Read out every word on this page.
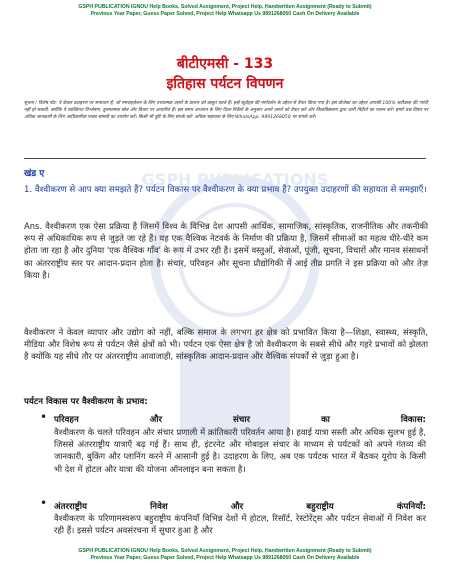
GSPH PUBLICATIONS
GSPH PUBLICATION IGNOU Help Books, Solved Assignment, Project Help, Handwritten Assignment (Ready to Submit)
Previous Year Paper, Guess Paper Solved, Project Help Whatsapp Us 9891268050 Cash On Delivery Available
बीटीएमसी - 133
इतिहास पर्यटन विपणन
सूचना / विशेष नोट: ये केवल उदाहरण पर समाधान हैं, जो ममराइज़ेशन के लिए तथ्यात्मक उत्तरों के प्रारूप को प्रस्तुत करते हैं। इन्हें स्टूडेंट्स की मार्गदर्शन के उद्देश्य से तैयार किया गया है। इस प्रोजेक्ट का उद्देश्य आपकी 100% सटीकता की गारंटी नहीं हो सकती, क्योंकि ये व्यक्तिगत विश्लेषण, तुलनात्मक स्रोत और विचार पर आधारित हैं। इस समय अध्ययन के लिए दिशा-निर्देशों के अनुसार अपने उत्तरों को तैयार करें और विश्वविद्यालय द्वारा जारी निर्देशों का पालन करें। हमारे प्रश्न विषय पर अधिक जानकारी के लिए आधिकारिक पाठ्य सामग्री का उपयोग करें। किसी भी त्रुटि के लिए संपर्क करें: अधिक सहायता के लिए WhatsApp: 9891268050 पर संपर्क करें।
खंड ए
1. वैश्वीकरण से आप क्या समझते हैं? पर्यटन विकास पर वैश्वीकरण के क्या प्रभाव हैं? उपयुक्त उदाहरणों की सहायता से समझाएँ।
Ans. वैश्वीकरण एक ऐसा प्रक्रिया है जिसमें विश्व के विभिन्न देश आपसी आर्थिक, सामाजिक, सांस्कृतिक, राजनीतिक और तकनीकी रूप से अधिकाधिक रूप से जुड़ते जा रहे हैं। यह एक वैश्विक नेटवर्क के निर्माण की प्रक्रिया है, जिसमें सीमाओं का महत्व धीरे-धीरे कम होता जा रहा है और दुनिया 'एक वैश्विक गाँव' के रूप में उभर रही है। इसमें वस्तुओं, सेवाओं, पूंजी, सूचना, विचारों और मानव संसाधनों का अंतरराष्ट्रीय स्तर पर आदान-प्रदान होता है। संचार, परिवहन और सूचना प्रौद्योगिकी में आई तीव्र प्रगति ने इस प्रक्रिया को और तेज़ किया है।
वैश्वीकरण ने केवल व्यापार और उद्योग को नहीं, बल्कि समाज के लगभग हर क्षेत्र को प्रभावित किया है—शिक्षा, स्वास्थ्य, संस्कृति, मीडिया और विशेष रूप से पर्यटन जैसे क्षेत्रों को भी। पर्यटन एक ऐसा क्षेत्र है जो वैश्वीकरण के सबसे सीधे और गहरे प्रभावों को झेलता है क्योंकि यह सीधे तौर पर अंतरराष्ट्रीय आवाजाही, सांस्कृतिक आदान-प्रदान और वैश्विक संपर्कों से जुड़ा हुआ है।
पर्यटन विकास पर वैश्वीकरण के प्रभाव:
• परिवहन	और	संचार	का	विकास:
वैश्वीकरण के चलते परिवहन और संचार प्रणाली में क्रांतिकारी परिवर्तन आया है। हवाई यात्रा सस्ती और अधिक सुलभ हुई है, जिससे अंतरराष्ट्रीय यात्राएँ बढ़ गई हैं। साथ ही, इंटरनेट और मोबाइल संचार के माध्यम से पर्यटकों को अपने गंतव्य की जानकारी, बुकिंग और प्लानिंग करने में आसानी हुई है। उदाहरण के लिए, अब एक पर्यटक भारत में बैठकर यूरोप के किसी भी देश में होटल और यात्रा की योजना ऑनलाइन बना सकता है।
• अंतरराष्ट्रीय	निवेश	और	बहुराष्ट्रीय	कंपनियाँ:
वैश्वीकरण के परिणामस्वरूप बहुराष्ट्रीय कंपनियाँ विभिन्न देशों में होटल, रिसॉर्ट, रेस्टोरेंट्स और पर्यटन सेवाओं में निवेश कर रही हैं। इससे पर्यटन अवसंरचना में सुधार हुआ है और
GSPH PUBLICATION IGNOU Help Books, Solved Assignment, Project Help, Handwritten Assignment (Ready to Submit)
Previous Year Paper, Guess Paper Solved, Project Help Whatsapp Us 9891268050 Cash On Delivery Available
